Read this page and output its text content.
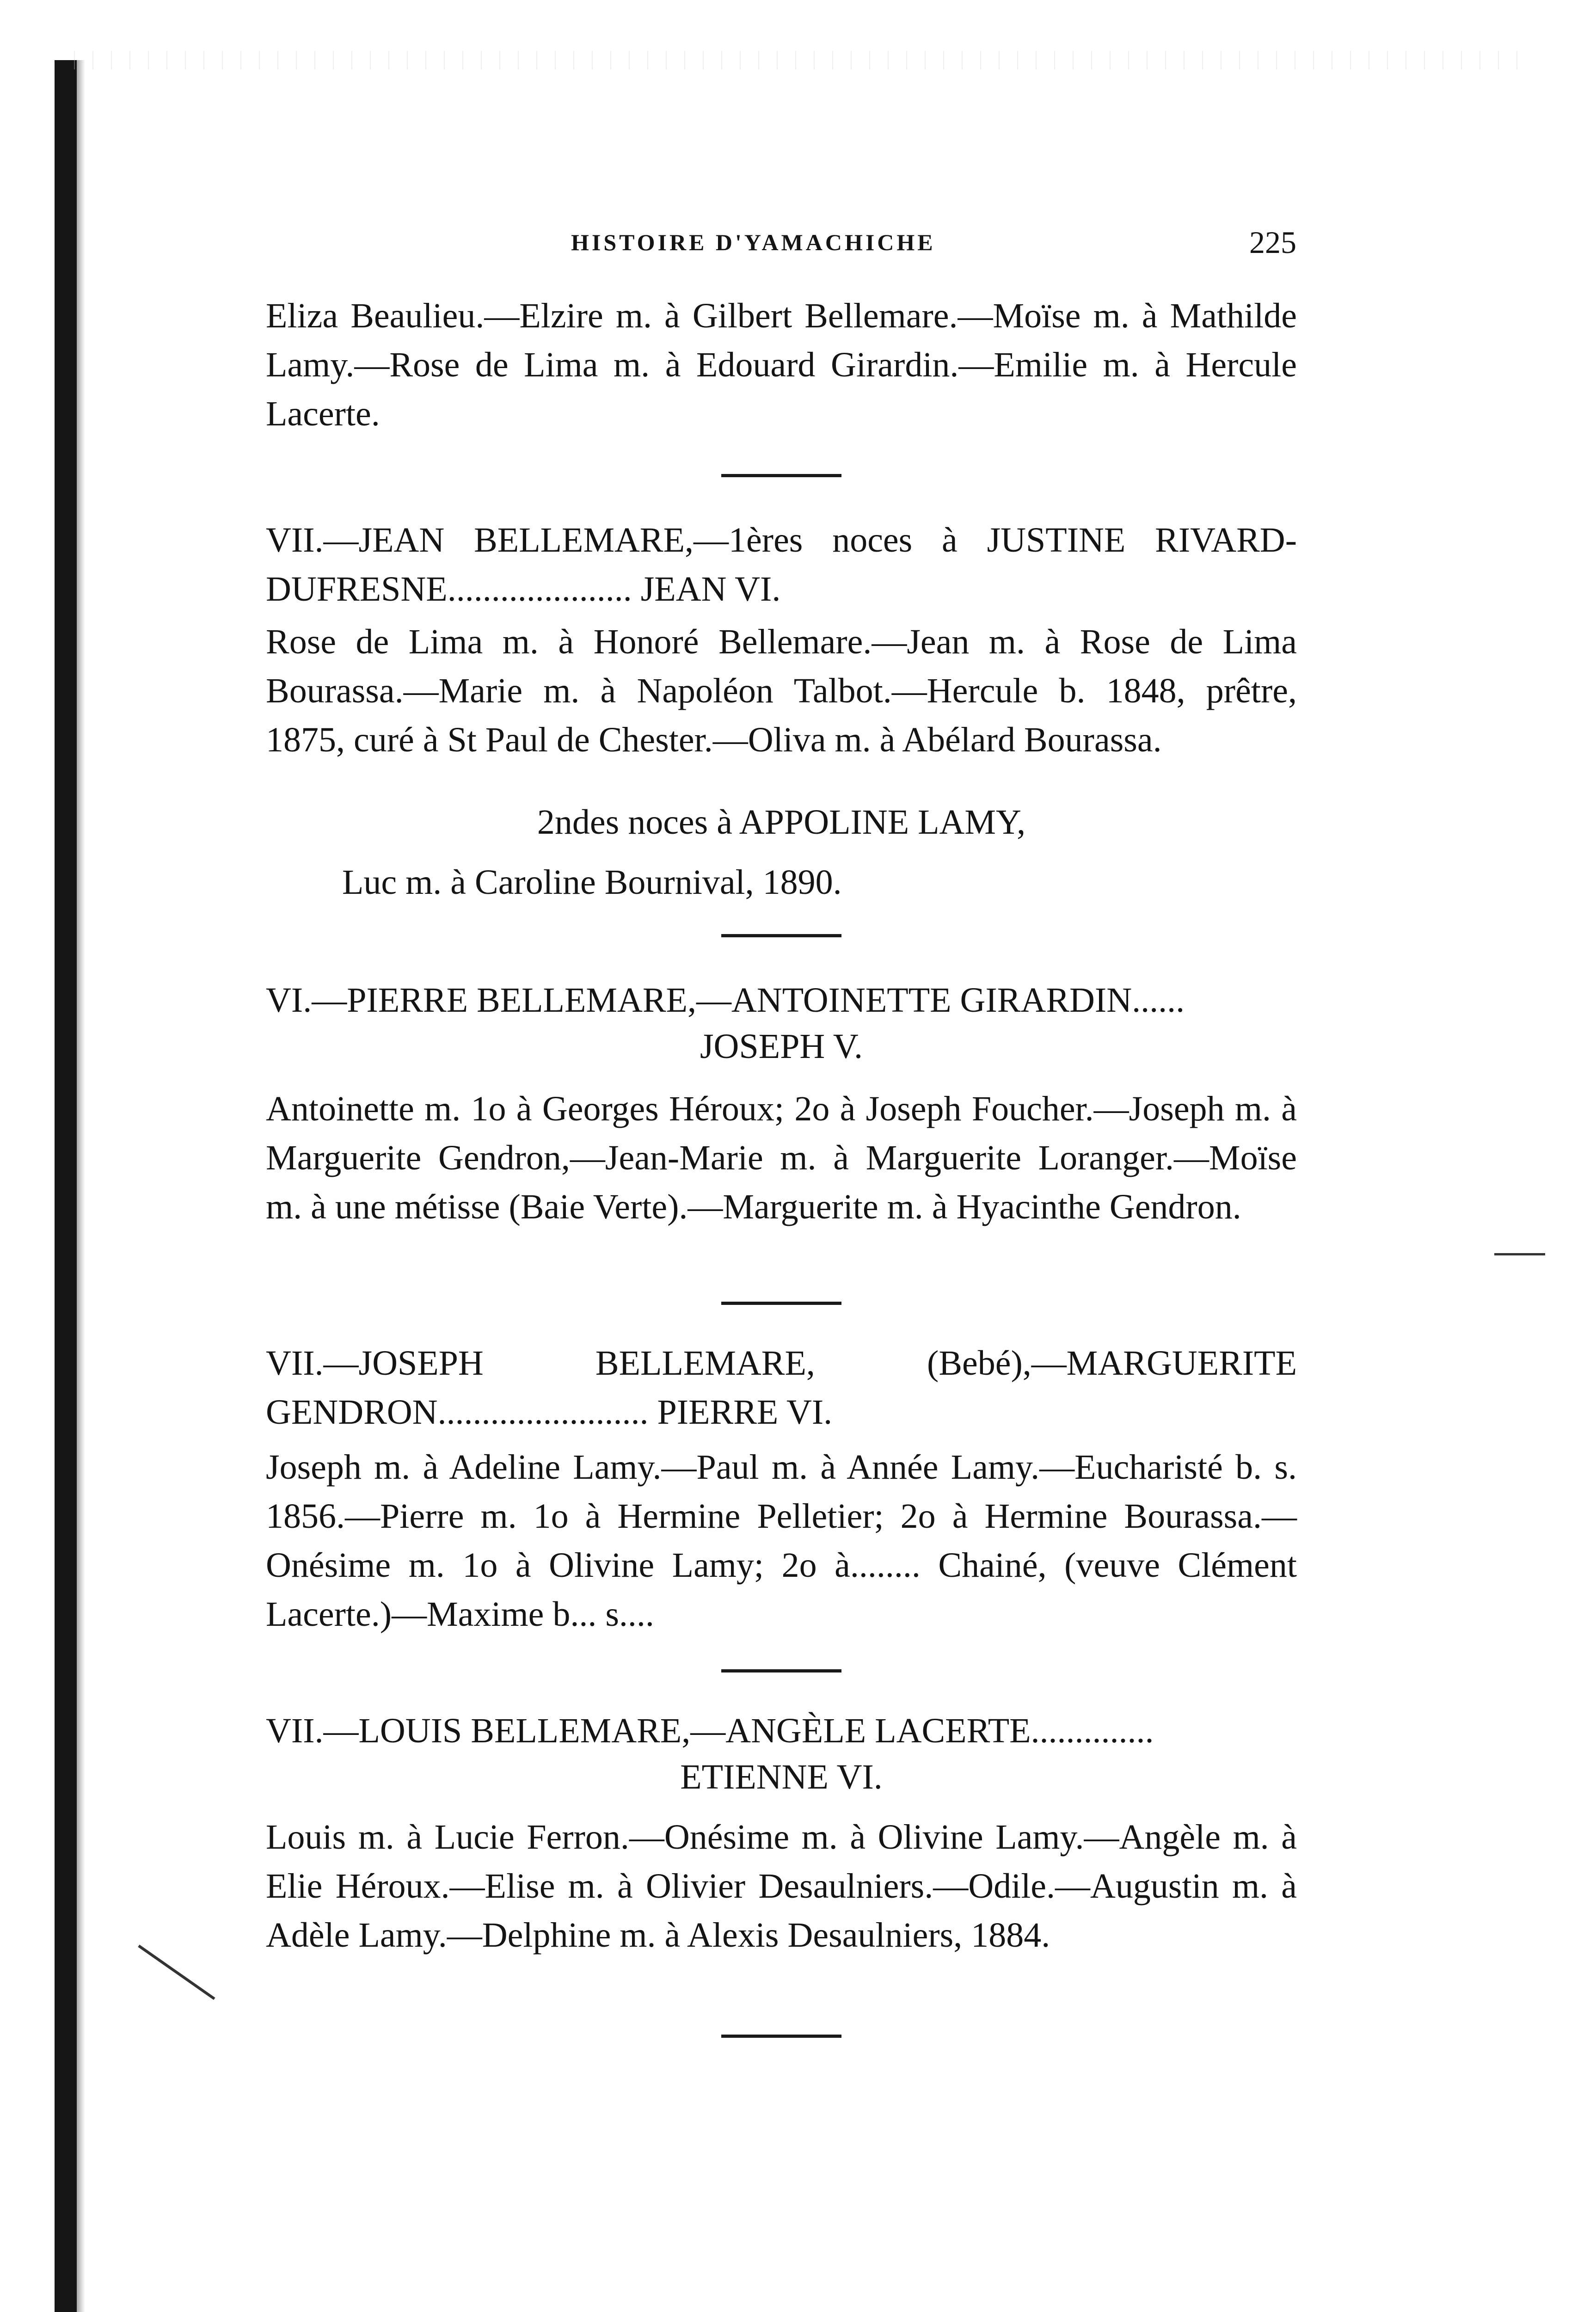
HISTOIRE D'YAMACHICHE	225

Eliza Beaulieu.—Elzire m. à Gilbert Bellemare.—Moïse m. à Mathilde Lamy.—Rose de Lima m. à Edouard Girardin.—Emilie m. à Hercule Lacerte.

VII.—JEAN BELLEMARE,—1ères noces à JUSTINE RIVARD-DUFRESNE..................... JEAN VI.

Rose de Lima m. à Honoré Bellemare.—Jean m. à Rose de Lima Bourassa.—Marie m. à Napoléon Talbot.—Hercule b. 1848, prêtre, 1875, curé à St Paul de Chester.—Oliva m. à Abélard Bourassa.

2ndes noces à APPOLINE LAMY,

Luc m. à Caroline Bournival, 1890.

VI.—PIERRE BELLEMARE,—ANTOINETTE GIRARDIN......

JOSEPH V.

Antoinette m. 1o à Georges Héroux; 2o à Joseph Foucher.—Joseph m. à Marguerite Gendron,—Jean-Marie m. à Marguerite Loranger.—Moïse m. à une métisse (Baie Verte).—Marguerite m. à Hyacinthe Gendron.

VII.—JOSEPH BELLEMARE, (Bebé),—MARGUERITE GENDRON........................ PIERRE VI.

Joseph m. à Adeline Lamy.—Paul m. à Année Lamy.—Eucharisté b. s. 1856.—Pierre m. 1o à Hermine Pelletier; 2o à Hermine Bourassa.—Onésime m. 1o à Olivine Lamy; 2o à........ Chainé, (veuve Clément Lacerte.)—Maxime b... s....

VII.—LOUIS BELLEMARE,—ANGÈLE LACERTE..............

ETIENNE VI.

Louis m. à Lucie Ferron.—Onésime m. à Olivine Lamy.—Angèle m. à Elie Héroux.—Elise m. à Olivier Desaulniers.—Odile.—Augustin m. à Adèle Lamy.—Delphine m. à Alexis Desaulniers, 1884.
